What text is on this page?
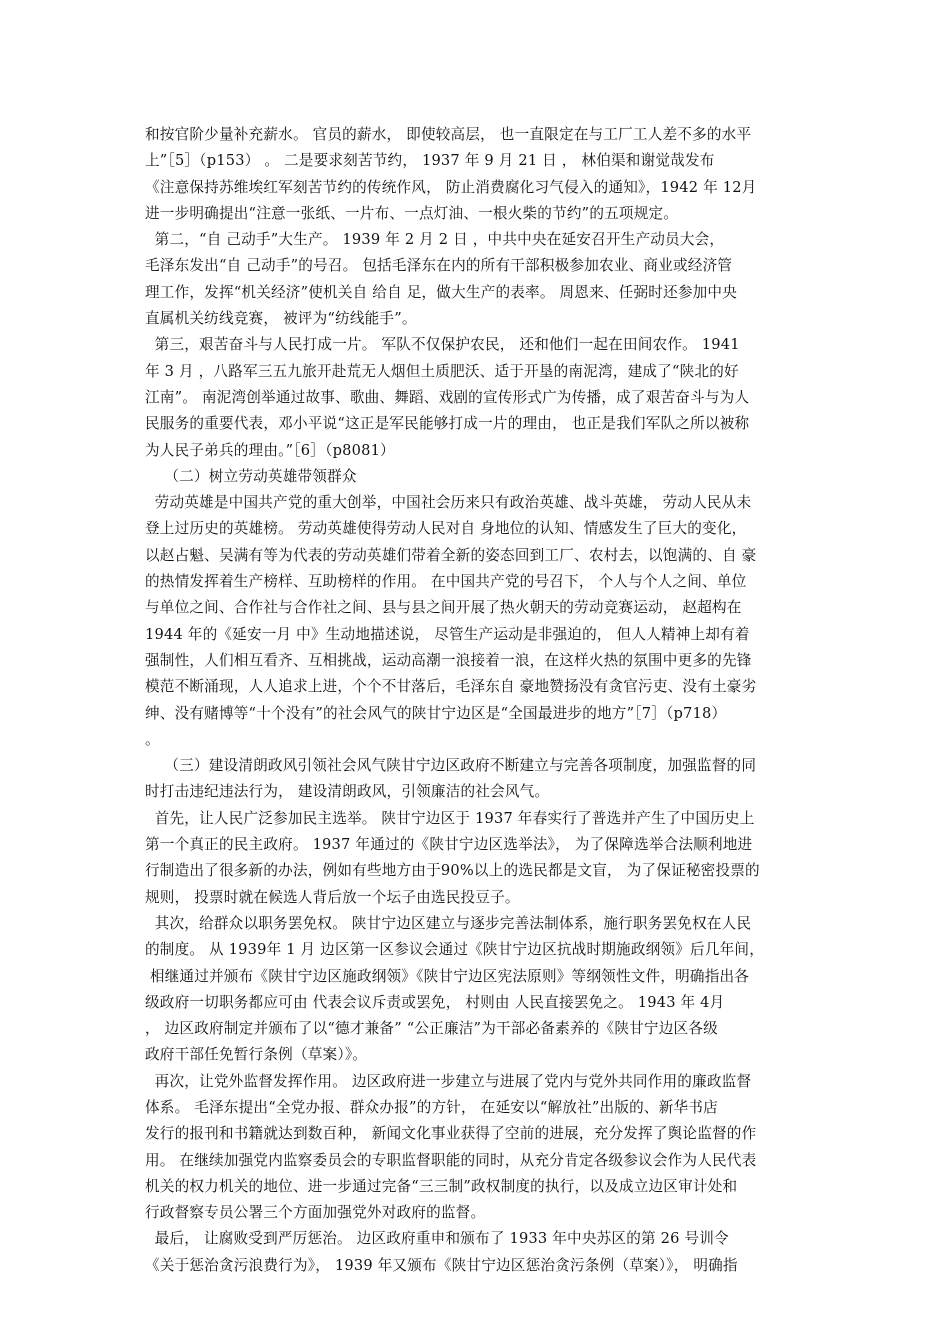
和按官阶少量补充薪水。 官员的薪水， 即使较高层， 也一直限定在与工厂工人差不多的水平
上”［5］（p153） 。 二是要求刻苦节约， 1937 年 9 月 21 日 ， 林伯渠和谢觉哉发布
《注意保持苏维埃红军刻苦节约的传统作风， 防止消费腐化习气侵入的通知》，1942 年 12月
进一步明确提出“注意一张纸、一片布、一点灯油、一根火柴的节约”的五项规定。
第二，“自 己动手”大生产。 1939 年 2 月 2 日 ，中共中央在延安召开生产动员大会，
毛泽东发出“自 己动手”的号召。 包括毛泽东在内的所有干部积极参加农业、商业或经济管
理工作，发挥“机关经济”使机关自 给自 足，做大生产的表率。 周恩来、任弼时还参加中央
直属机关纺线竞赛， 被评为“纺线能手”。
第三，艰苦奋斗与人民打成一片。 军队不仅保护农民， 还和他们一起在田间农作。 1941
年 3 月 ，八路军三五九旅开赴荒无人烟但土质肥沃、适于开垦的南泥湾，建成了“陕北的好
江南”。 南泥湾创举通过故事、歌曲、舞蹈、戏剧的宣传形式广为传播，成了艰苦奋斗与为人
民服务的重要代表，邓小平说“这正是军民能够打成一片的理由， 也正是我们军队之所以被称
为人民子弟兵的理由。”［6］（p8081）
（二）树立劳动英雄带领群众
劳动英雄是中国共产党的重大创举，中国社会历来只有政治英雄、战斗英雄， 劳动人民从未
登上过历史的英雄榜。 劳动英雄使得劳动人民对自 身地位的认知、情感发生了巨大的变化，
以赵占魁、吴满有等为代表的劳动英雄们带着全新的姿态回到工厂、农村去，以饱满的、自 豪
的热情发挥着生产榜样、互助榜样的作用。 在中国共产党的号召下， 个人与个人之间、单位
与单位之间、合作社与合作社之间、县与县之间开展了热火朝天的劳动竞赛运动， 赵超构在
1944 年的《延安一月 中》生动地描述说， 尽管生产运动是非强迫的， 但人人精神上却有着
强制性，人们相互看齐、互相挑战，运动高潮一浪接着一浪，在这样火热的氛围中更多的先锋
模范不断涌现，人人追求上进，个个不甘落后，毛泽东自 豪地赞扬没有贪官污吏、没有土豪劣
绅、没有赌博等“十个没有”的社会风气的陕甘宁边区是“全国最进步的地方”［7］（p718）
。
（三）建设清朗政风引领社会风气陕甘宁边区政府不断建立与完善各项制度，加强监督的同
时打击违纪违法行为， 建设清朗政风，引领廉洁的社会风气。
首先，让人民广泛参加民主选举。 陕甘宁边区于 1937 年春实行了普选并产生了中国历史上
第一个真正的民主政府。 1937 年通过的《陕甘宁边区选举法》， 为了保障选举合法顺利地进
行制造出了很多新的办法，例如有些地方由于90%以上的选民都是文盲， 为了保证秘密投票的
规则， 投票时就在候选人背后放一个坛子由选民投豆子。
其次，给群众以职务罢免权。 陕甘宁边区建立与逐步完善法制体系，施行职务罢免权在人民
的制度。 从 1939年 1 月 边区第一区参议会通过《陕甘宁边区抗战时期施政纲领》后几年间，
相继通过并颁布《陕甘宁边区施政纲领》《陕甘宁边区宪法原则》等纲领性文件，明确指出各
级政府一切职务都应可由 代表会议斥责或罢免， 村则由 人民直接罢免之。 1943 年 4月
， 边区政府制定并颁布了以“德才兼备” “公正廉洁”为干部必备素养的《陕甘宁边区各级
政府干部任免暂行条例（草案）》。
再次，让党外监督发挥作用。 边区政府进一步建立与进展了党内与党外共同作用的廉政监督
体系。 毛泽东提出“全党办报、群众办报”的方针， 在延安以“解放社”出版的、新华书店
发行的报刊和书籍就达到数百种， 新闻文化事业获得了空前的进展，充分发挥了舆论监督的作
用。 在继续加强党内监察委员会的专职监督职能的同时，从充分肯定各级参议会作为人民代表
机关的权力机关的地位、进一步通过完备“三三制”政权制度的执行，以及成立边区审计处和
行政督察专员公署三个方面加强党外对政府的监督。
最后， 让腐败受到严厉惩治。 边区政府重申和颁布了 1933 年中央苏区的第 26 号训令
《关于惩治贪污浪费行为》， 1939 年又颁布《陕甘宁边区惩治贪污条例（草案）》， 明确指
